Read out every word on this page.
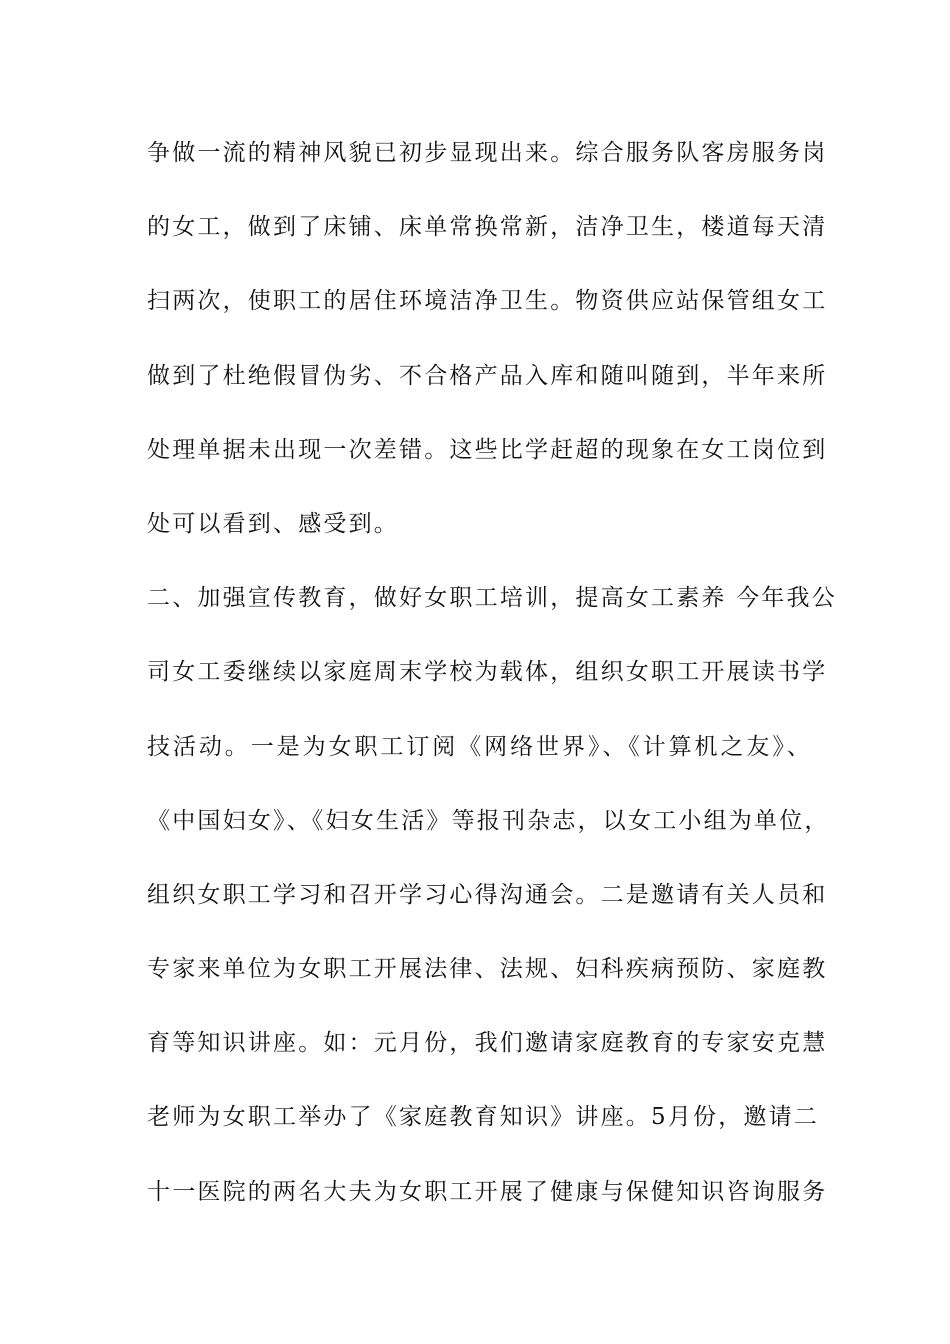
争做一流的精神风貌已初步显现出来。综合服务队客房服务岗
的女工，做到了床铺、床单常换常新，洁净卫生，楼道每天清
扫两次，使职工的居住环境洁净卫生。物资供应站保管组女工
做到了杜绝假冒伪劣、不合格产品入库和随叫随到，半年来所
处理单据未出现一次差错。这些比学赶超的现象在女工岗位到
处可以看到、感受到。
二、加强宣传教育，做好女职工培训，提高女工素养 今年我公
司女工委继续以家庭周末学校为载体，组织女职工开展读书学
技活动。一是为女职工订阅《网络世界》、《计算机之友》、
《中国妇女》、《妇女生活》等报刊杂志，以女工小组为单位，
组织女职工学习和召开学习心得沟通会。二是邀请有关人员和
专家来单位为女职工开展法律、法规、妇科疾病预防、家庭教
育等知识讲座。如：元月份，我们邀请家庭教育的专家安克慧
老师为女职工举办了《家庭教育知识》讲座。5月份，邀请二
十一医院的两名大夫为女职工开展了健康与保健知识咨询服务
